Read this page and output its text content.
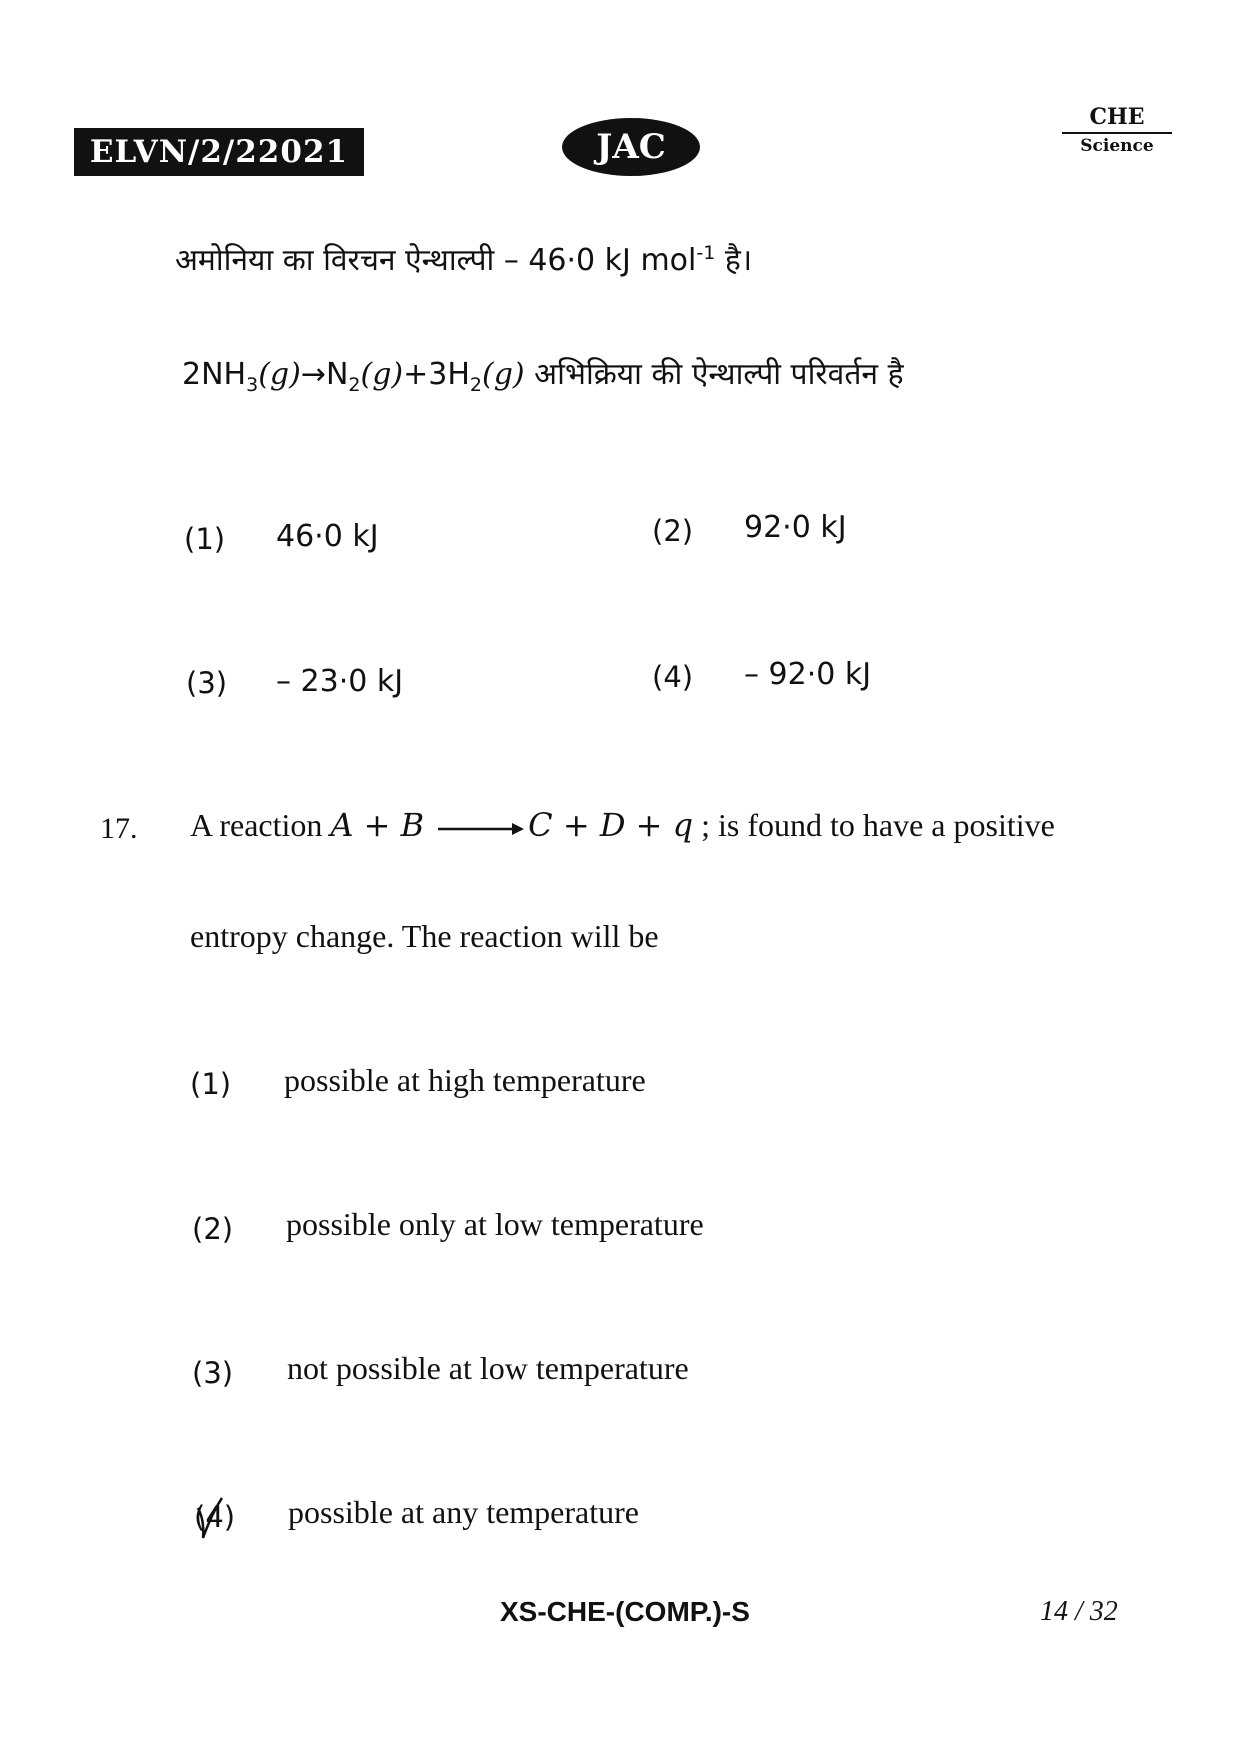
ELVN/2/22021	JAC
CHE
Science
अमोनिया का विरचन ऐन्थाल्पी – 46·0 kJ mol$^{-1}$ है।
$2NH_3(g)\to N_2(g)+3H_2(g)$ अभिक्रिया की ऐन्थाल्पी परिवर्तन है
(1) 46·0 kJ	(2) 92·0 kJ
(3) – 23·0 kJ	(4) – 92·0 kJ
17. A reaction A + B → C + D + q ; is found to have a positive
entropy change. The reaction will be
(1) possible at high temperature
(2) possible only at low temperature
(3) not possible at low temperature
(4) possible at any temperature
XS-CHE-(COMP.)-S	14 / 32
